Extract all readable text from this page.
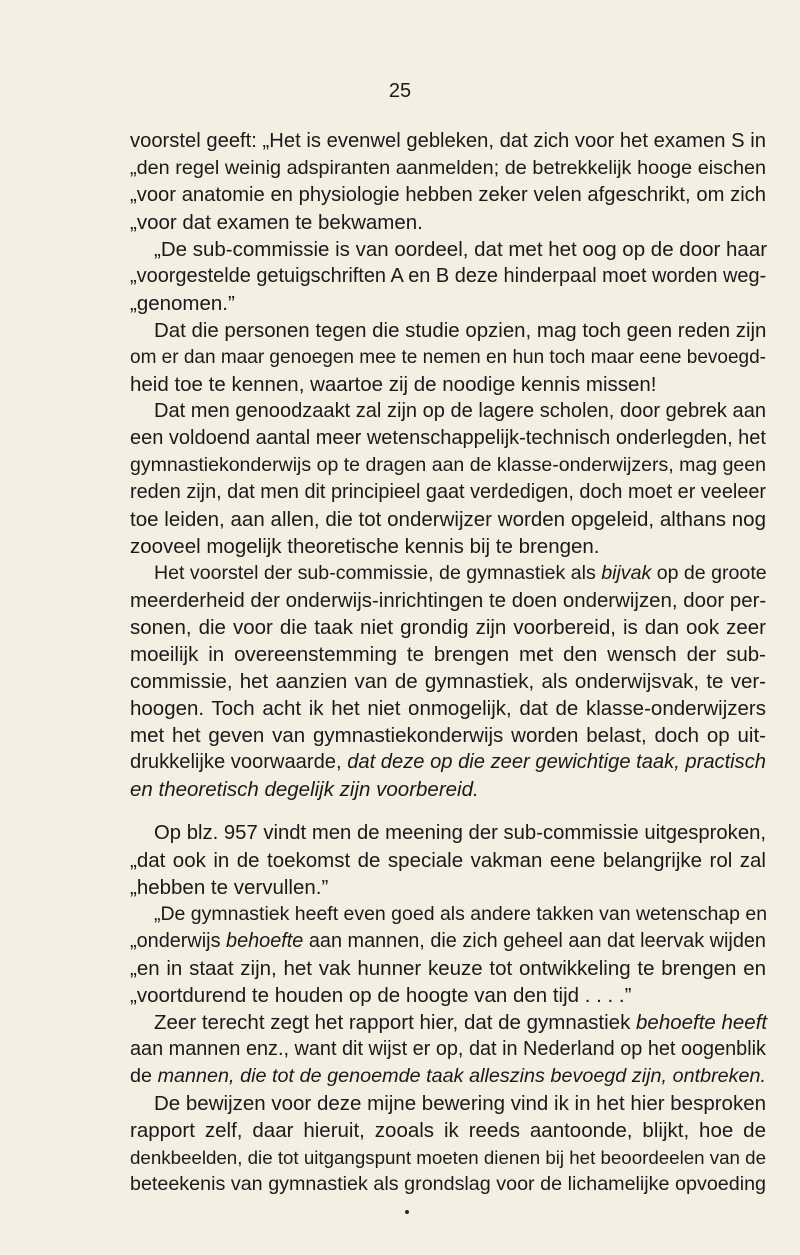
25
voorstel geeft: „Het is evenwel gebleken, dat zich voor het examen S in
„den regel weinig adspiranten aanmelden; de betrekkelijk hooge eischen
„voor anatomie en physiologie hebben zeker velen afgeschrikt, om zich
„voor dat examen te bekwamen.
„De sub-commissie is van oordeel, dat met het oog op de door haar
„voorgestelde getuigschriften A en B deze hinderpaal moet worden weg-
„genomen.”
Dat die personen tegen die studie opzien, mag toch geen reden zijn
om er dan maar genoegen mee te nemen en hun toch maar eene bevoegd-
heid toe te kennen, waartoe zij de noodige kennis missen!
Dat men genoodzaakt zal zijn op de lagere scholen, door gebrek aan
een voldoend aantal meer wetenschappelijk-technisch onderlegden, het
gymnastiekonderwijs op te dragen aan de klasse-onderwijzers, mag geen
reden zijn, dat men dit principieel gaat verdedigen, doch moet er veeleer
toe leiden, aan allen, die tot onderwijzer worden opgeleid, althans nog
zooveel mogelijk theoretische kennis bij te brengen.
Het voorstel der sub-commissie, de gymnastiek als bijvak op de groote
meerderheid der onderwijs-inrichtingen te doen onderwijzen, door per-
sonen, die voor die taak niet grondig zijn voorbereid, is dan ook zeer
moeilijk in overeenstemming te brengen met den wensch der sub-
commissie, het aanzien van de gymnastiek, als onderwijsvak, te ver-
hoogen. Toch acht ik het niet onmogelijk, dat de klasse-onderwijzers
met het geven van gymnastiekonderwijs worden belast, doch op uit-
drukkelijke voorwaarde, dat deze op die zeer gewichtige taak, practisch
en theoretisch degelijk zijn voorbereid.
Op blz. 957 vindt men de meening der sub-commissie uitgesproken,
„dat ook in de toekomst de speciale vakman eene belangrijke rol zal
„hebben te vervullen.”
„De gymnastiek heeft even goed als andere takken van wetenschap en
„onderwijs behoefte aan mannen, die zich geheel aan dat leervak wijden
„en in staat zijn, het vak hunner keuze tot ontwikkeling te brengen en
„voortdurend te houden op de hoogte van den tijd . . . .”
Zeer terecht zegt het rapport hier, dat de gymnastiek behoefte heeft
aan mannen enz., want dit wijst er op, dat in Nederland op het oogenblik
de mannen, die tot de genoemde taak alleszins bevoegd zijn, ontbreken.
De bewijzen voor deze mijne bewering vind ik in het hier besproken
rapport zelf, daar hieruit, zooals ik reeds aantoonde, blijkt, hoe de
denkbeelden, die tot uitgangspunt moeten dienen bij het beoordeelen van de
beteekenis van gymnastiek als grondslag voor de lichamelijke opvoeding
